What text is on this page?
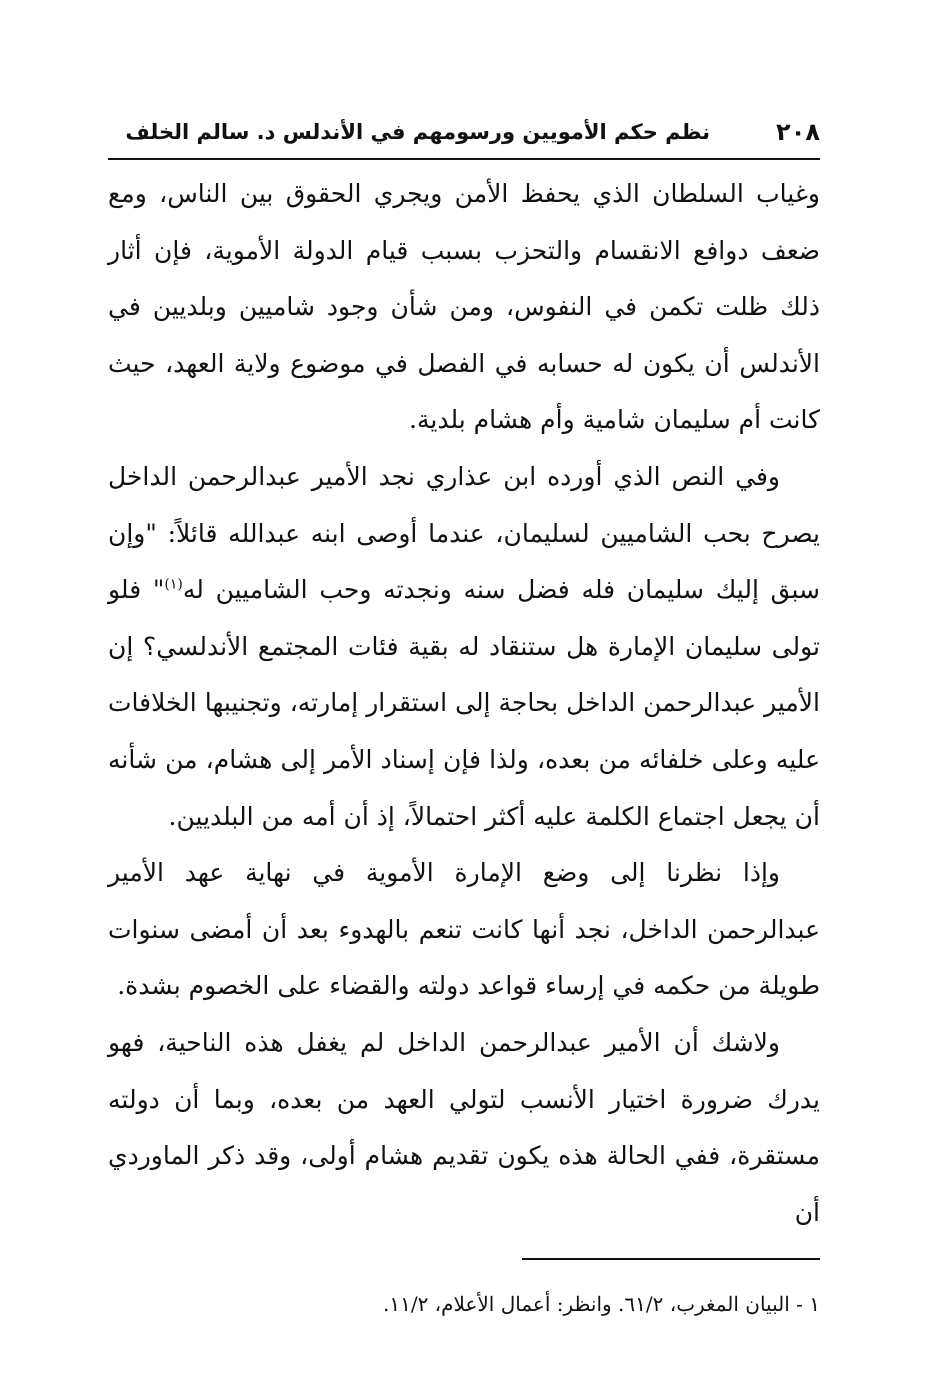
٢٠٨
نظم حكم الأمويين ورسومهم في الأندلس د. سالم الخلف

وغياب السلطان الذي يحفظ الأمن ويجري الحقوق بين الناس، ومع ضعف دوافع الانقسام والتحزب بسبب قيام الدولة الأموية، فإن أثار ذلك ظلت تكمن في النفوس، ومن شأن وجود شاميين وبلديين في الأندلس أن يكون له حسابه في الفصل في موضوع ولاية العهد، حيث كانت أم سليمان شامية وأم هشام بلدية.

وفي النص الذي أورده ابن عذاري نجد الأمير عبدالرحمن الداخل يصرح بحب الشاميين لسليمان، عندما أوصى ابنه عبدالله قائلاً: "وإن سبق إليك سليمان فله فضل سنه ونجدته وحب الشاميين له$^{(١)}$" فلو تولى سليمان الإمارة هل ستنقاد له بقية فئات المجتمع الأندلسي؟ إن الأمير عبدالرحمن الداخل بحاجة إلى استقرار إمارته، وتجنيبها الخلافات عليه وعلى خلفائه من بعده، ولذا فإن إسناد الأمر إلى هشام، من شأنه أن يجعل اجتماع الكلمة عليه أكثر احتمالاً، إذ أن أمه من البلديين.

وإذا نظرنا إلى وضع الإمارة الأموية في نهاية عهد الأمير عبدالرحمن الداخل، نجد أنها كانت تنعم بالهدوء بعد أن أمضى سنوات طويلة من حكمه في إرساء قواعد دولته والقضاء على الخصوم بشدة.

ولاشك أن الأمير عبدالرحمن الداخل لم يغفل هذه الناحية، فهو يدرك ضرورة اختيار الأنسب لتولي العهد من بعده، وبما أن دولته مستقرة، ففي الحالة هذه يكون تقديم هشام أولى، وقد ذكر الماوردي أن

١ - البيان المغرب، ٦١/٢. وانظر: أعمال الأعلام، ١١/٢.
